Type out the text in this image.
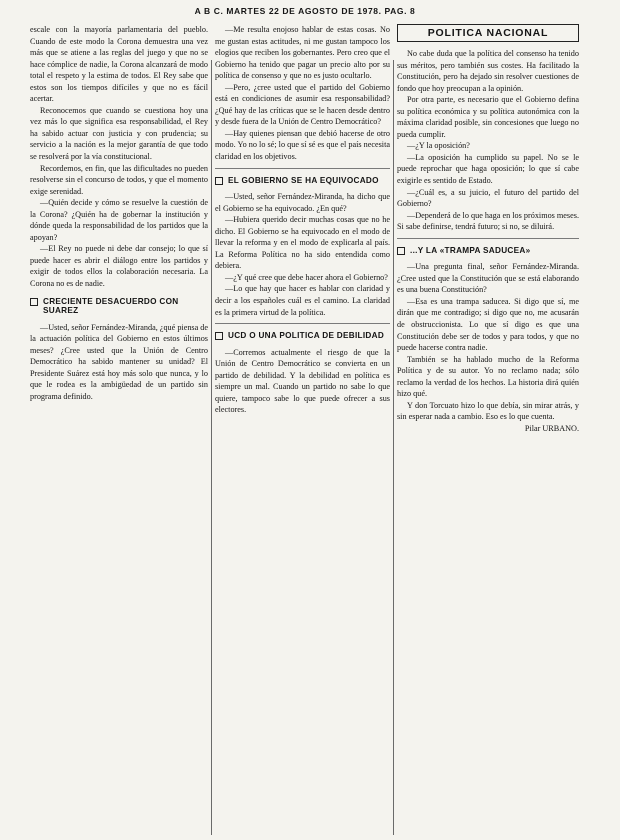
A B C. MARTES 22 DE AGOSTO DE 1978. PAG. 8

escale con la mayoría parlamentaria del pueblo. Cuando de este modo la Corona demuestra una vez más que se atiene a las reglas del juego y que no se hace cómplice de nadie, la Corona alcanzará de modo total el respeto y la estima de todos. El Rey sabe que estos son los tiempos difíciles y que no es fácil acertar.

Reconocemos que cuando se cuestiona hoy una vez más lo que significa esa responsabilidad, el Rey ha sabido actuar con justicia y con prudencia; su servicio a la nación es la mejor garantía de que todo se resolverá por la vía constitucional.

Recordemos, en fin, que las dificultades no pueden resolverse sin el concurso de todos, y que el momento exige serenidad.

—Quién decide y cómo se resuelve la cuestión de la Corona? ¿Quién ha de gobernar la institución y dónde queda la responsabilidad de los partidos que la apoyan?

—El Rey no puede ni debe dar consejo; lo que sí puede hacer es abrir el diálogo entre los partidos y exigir de todos ellos la colaboración necesaria. La Corona no es de nadie.

CRECIENTE DESACUERDO CON SUAREZ

—Usted, señor Fernández-Miranda, ¿qué piensa de la actuación política del Gobierno en estos últimos meses? ¿Cree usted que la Unión de Centro Democrático ha sabido mantener su unidad? El Presidente Suárez está hoy más solo que nunca, y lo que le rodea es la ambigüedad de un partido sin programa definido.

—Me resulta enojoso hablar de estas cosas. No me gustan estas actitudes, ni me gustan tampoco los elogios que reciben los gobernantes. Pero creo que el Gobierno ha tenido que pagar un precio alto por su política de consenso y que no es justo ocultarlo.

—Pero, ¿cree usted que el partido del Gobierno está en condiciones de asumir esa responsabilidad? ¿Qué hay de las críticas que se le hacen desde dentro y desde fuera de la Unión de Centro Democrático?

—Hay quienes piensan que debió hacerse de otro modo. Yo no lo sé; lo que sí sé es que el país necesita claridad en los objetivos.

EL GOBIERNO SE HA EQUIVOCADO

—Usted, señor Fernández-Miranda, ha dicho que el Gobierno se ha equivocado. ¿En qué?

—Hubiera querido decir muchas cosas que no he dicho. El Gobierno se ha equivocado en el modo de llevar la reforma y en el modo de explicarla al país. La Reforma Política no ha sido entendida como debiera.

—¿Y qué cree que debe hacer ahora el Gobierno?

—Lo que hay que hacer es hablar con claridad y decir a los españoles cuál es el camino. La claridad es la primera virtud de la política.

UCD O UNA POLITICA DE DEBILIDAD

—Corremos actualmente el riesgo de que la Unión de Centro Democrático se convierta en un partido de debilidad. Y la debilidad en política es siempre un mal. Cuando un partido no sabe lo que quiere, tampoco sabe lo que puede ofrecer a sus electores.

POLITICA NACIONAL

No cabe duda que la política del consenso ha tenido sus méritos, pero también sus costes. Ha facilitado la Constitución, pero ha dejado sin resolver cuestiones de fondo que hoy preocupan a la opinión.

Por otra parte, es necesario que el Gobierno defina su política económica y su política autonómica con la máxima claridad posible, sin concesiones que luego no pueda cumplir.

—¿Y la oposición?

—La oposición ha cumplido su papel. No se le puede reprochar que haga oposición; lo que sí cabe exigirle es sentido de Estado.

—¿Cuál es, a su juicio, el futuro del partido del Gobierno?

—Dependerá de lo que haga en los próximos meses. Si sabe definirse, tendrá futuro; si no, se diluirá.

...Y LA «TRAMPA SADUCEA»

—Una pregunta final, señor Fernández-Miranda. ¿Cree usted que la Constitución que se está elaborando es una buena Constitución?

—Esa es una trampa saducea. Si digo que sí, me dirán que me contradigo; si digo que no, me acusarán de obstruccionista. Lo que sí digo es que una Constitución debe ser de todos y para todos, y que no puede hacerse contra nadie.

También se ha hablado mucho de la Reforma Política y de su autor. Yo no reclamo nada; sólo reclamo la verdad de los hechos. La historia dirá quién hizo qué.

Y don Torcuato hizo lo que debía, sin mirar atrás, y sin esperar nada a cambio. Eso es lo que cuenta.

Pilar URBANO.
